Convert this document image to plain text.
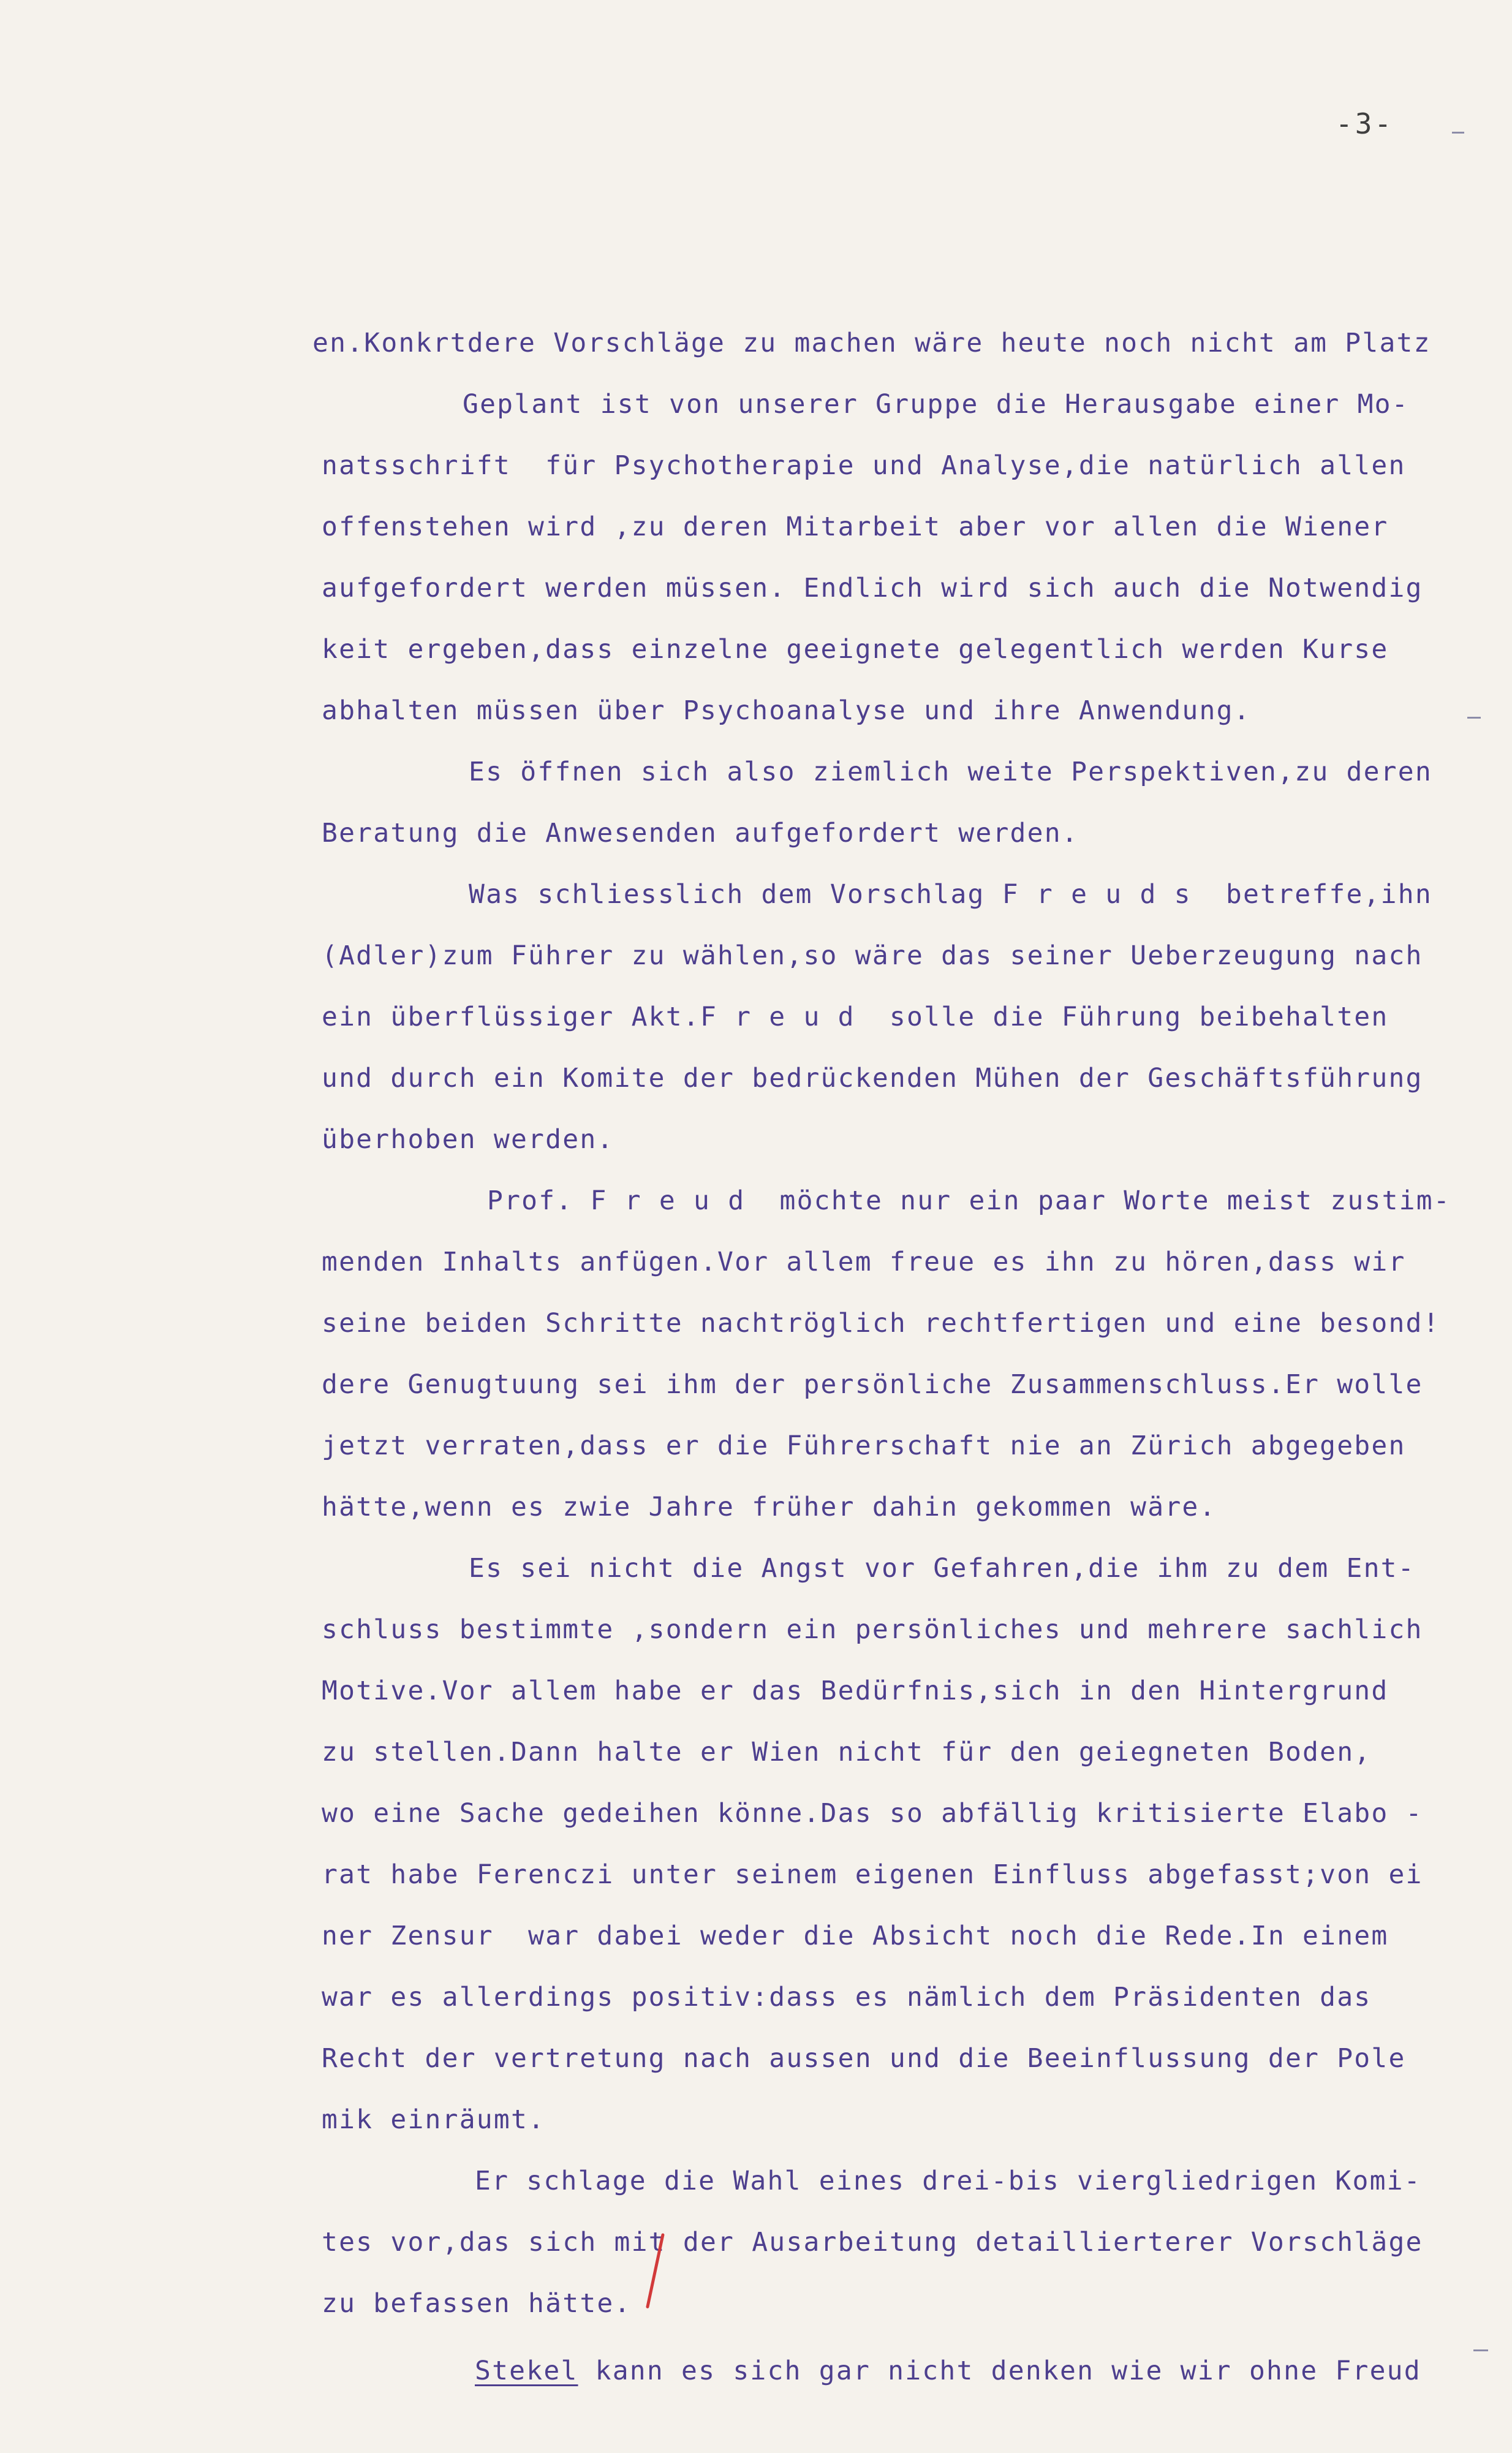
-3-
en.Konkrtdere Vorschläge zu machen wäre heute noch nicht am Platz
Geplant ist von unserer Gruppe die Herausgabe einer Mo-
natsschrift  für Psychotherapie und Analyse,die natürlich allen
offenstehen wird ,zu deren Mitarbeit aber vor allen die Wiener
aufgefordert werden müssen. Endlich wird sich auch die Notwendig
keit ergeben,dass einzelne geeignete gelegentlich werden Kurse
abhalten müssen über Psychoanalyse und ihre Anwendung.
Es öffnen sich also ziemlich weite Perspektiven,zu deren
Beratung die Anwesenden aufgefordert werden.
Was schliesslich dem Vorschlag F r e u d s  betreffe,ihn
(Adler)zum Führer zu wählen,so wäre das seiner Ueberzeugung nach
ein überflüssiger Akt.F r e u d  solle die Führung beibehalten
und durch ein Komite der bedrückenden Mühen der Geschäftsführung
überhoben werden.
Prof. F r e u d  möchte nur ein paar Worte meist zustim-
menden Inhalts anfügen.Vor allem freue es ihn zu hören,dass wir
seine beiden Schritte nachtröglich rechtfertigen und eine besond!
dere Genugtuung sei ihm der persönliche Zusammenschluss.Er wolle
jetzt verraten,dass er die Führerschaft nie an Zürich abgegeben
hätte,wenn es zwie Jahre früher dahin gekommen wäre.
Es sei nicht die Angst vor Gefahren,die ihm zu dem Ent-
schluss bestimmte ,sondern ein persönliches und mehrere sachlich
Motive.Vor allem habe er das Bedürfnis,sich in den Hintergrund
zu stellen.Dann halte er Wien nicht für den geiegneten Boden,
wo eine Sache gedeihen könne.Das so abfällig kritisierte Elabo -
rat habe Ferenczi unter seinem eigenen Einfluss abgefasst;von ei
ner Zensur  war dabei weder die Absicht noch die Rede.In einem
war es allerdings positiv:dass es nämlich dem Präsidenten das
Recht der vertretung nach aussen und die Beeinflussung der Pole
mik einräumt.
Er schlage die Wahl eines drei-bis viergliedrigen Komi-
tes vor,das sich mit der Ausarbeitung detaillierterer Vorschläge
zu befassen hätte.
Stekel kann es sich gar nicht denken wie wir ohne Freud
